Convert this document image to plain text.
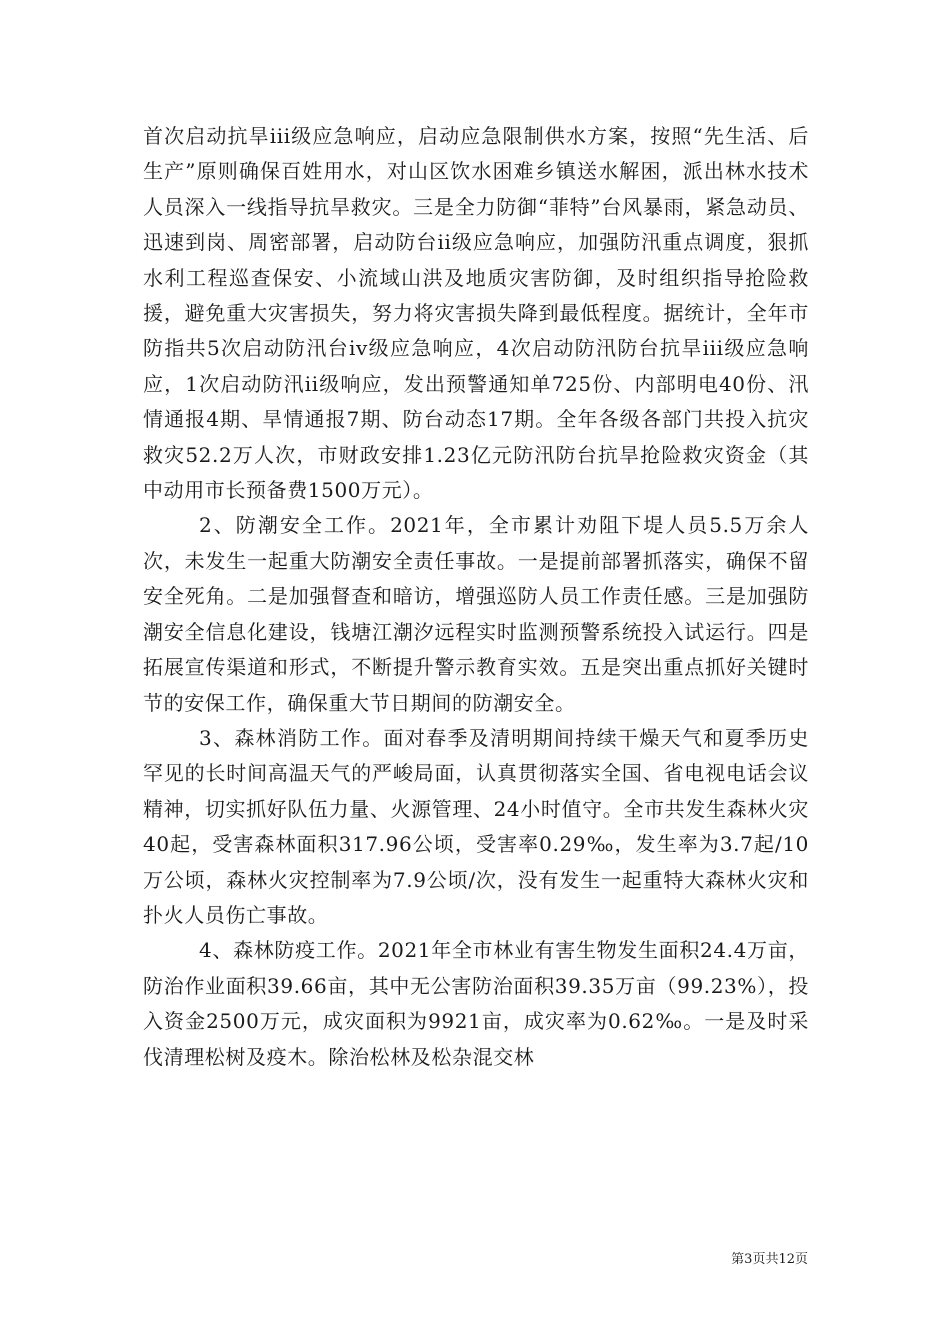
首次启动抗旱iii级应急响应，启动应急限制供水方案，按照“先生活、后生产”原则确保百姓用水，对山区饮水困难乡镇送水解困，派出林水技术人员深入一线指导抗旱救灾。三是全力防御“菲特”台风暴雨，紧急动员、迅速到岗、周密部署，启动防台ii级应急响应，加强防汛重点调度，狠抓水利工程巡查保安、小流域山洪及地质灾害防御，及时组织指导抢险救援，避免重大灾害损失，努力将灾害损失降到最低程度。据统计，全年市防指共5次启动防汛台iv级应急响应，4次启动防汛防台抗旱iii级应急响应，1次启动防汛ii级响应，发出预警通知单725份、内部明电40份、汛情通报4期、旱情通报7期、防台动态17期。全年各级各部门共投入抗灾救灾52.2万人次，市财政安排1.23亿元防汛防台抗旱抢险救灾资金（其中动用市长预备费1500万元）。

2、防潮安全工作。2021年，全市累计劝阻下堤人员5.5万余人次，未发生一起重大防潮安全责任事故。一是提前部署抓落实，确保不留安全死角。二是加强督查和暗访，增强巡防人员工作责任感。三是加强防潮安全信息化建设，钱塘江潮汐远程实时监测预警系统投入试运行。四是拓展宣传渠道和形式，不断提升警示教育实效。五是突出重点抓好关键时节的安保工作，确保重大节日期间的防潮安全。

3、森林消防工作。面对春季及清明期间持续干燥天气和夏季历史罕见的长时间高温天气的严峻局面，认真贯彻落实全国、省电视电话会议精神，切实抓好队伍力量、火源管理、24小时值守。全市共发生森林火灾40起，受害森林面积317.96公顷，受害率0.29‰，发生率为3.7起/10万公顷，森林火灾控制率为7.9公顷/次，没有发生一起重特大森林火灾和扑火人员伤亡事故。

4、森林防疫工作。2021年全市林业有害生物发生面积24.4万亩，防治作业面积39.66亩，其中无公害防治面积39.35万亩（99.23%），投入资金2500万元，成灾面积为9921亩，成灾率为0.62‰。一是及时采伐清理松树及疫木。除治松林及松杂混交林

第3页共12页
